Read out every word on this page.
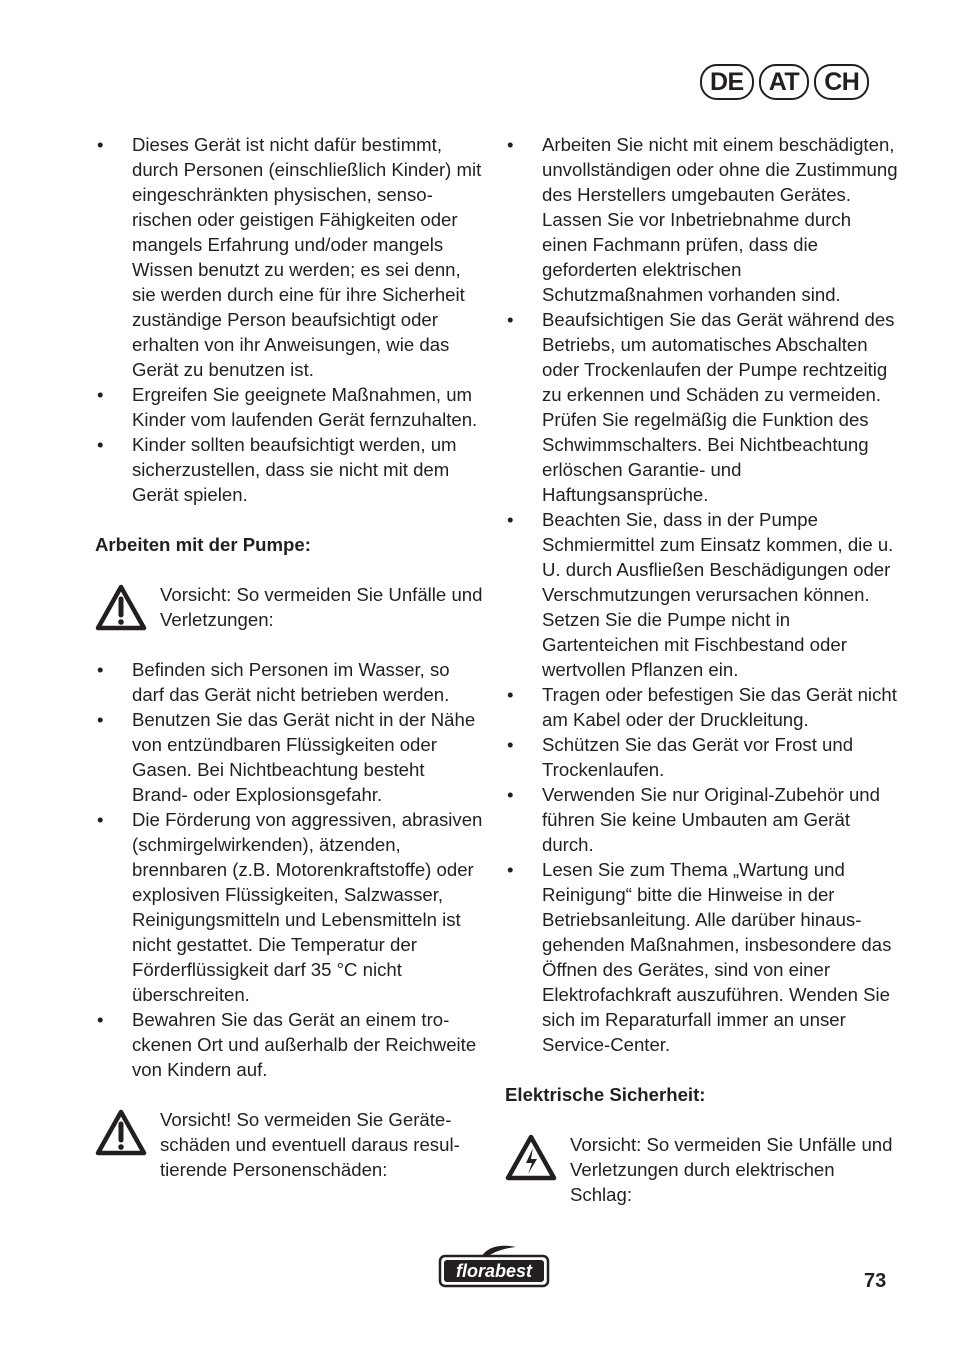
DE	AT	CH
• Dieses Gerät ist nicht dafür bestimmt, durch Personen (einschließlich Kinder) mit eingeschränkten physischen, sensorischen oder geistigen Fähigkeiten oder mangels Erfahrung und/oder mangels Wissen benutzt zu werden; es sei denn, sie werden durch eine für ihre Sicherheit zuständige Person beaufsichtigt oder erhalten von ihr Anweisungen, wie das Gerät zu benutzen ist.
• Ergreifen Sie geeignete Maßnahmen, um Kinder vom laufenden Gerät fernzuhalten.
• Kinder sollten beaufsichtigt werden, um sicherzustellen, dass sie nicht mit dem Gerät spielen.

Arbeiten mit der Pumpe:

Vorsicht: So vermeiden Sie Unfälle und Verletzungen:
• Befinden sich Personen im Wasser, so darf das Gerät nicht betrieben werden.
• Benutzen Sie das Gerät nicht in der Nähe von entzündbaren Flüssigkeiten oder Gasen. Bei Nichtbeachtung besteht Brand- oder Explosionsgefahr.
• Die Förderung von aggressiven, abrasiven (schmirgelwirkenden), ätzenden, brennbaren (z.B. Motorenkraftstoffe) oder explosiven Flüssigkeiten, Salzwasser, Reinigungsmitteln und Lebensmitteln ist nicht gestattet. Die Temperatur der Förderflüssigkeit darf 35 °C nicht überschreiten.
• Bewahren Sie das Gerät an einem trockenen Ort und außerhalb der Reichweite von Kindern auf.
Vorsicht! So vermeiden Sie Geräteschäden und eventuell daraus resultierende Personenschäden:
• Arbeiten Sie nicht mit einem beschädigten, unvollständigen oder ohne die Zustimmung des Herstellers umgebauten Gerätes. Lassen Sie vor Inbetriebnahme durch einen Fachmann prüfen, dass die geforderten elektrischen Schutzmaßnahmen vorhanden sind.
• Beaufsichtigen Sie das Gerät während des Betriebs, um automatisches Abschalten oder Trockenlaufen der Pumpe rechtzeitig zu erkennen und Schäden zu vermeiden. Prüfen Sie regelmäßig die Funktion des Schwimmschalters. Bei Nichtbeachtung erlöschen Garantie- und Haftungsansprüche.
• Beachten Sie, dass in der Pumpe Schmiermittel zum Einsatz kommen, die u. U. durch Ausfließen Beschädigungen oder Verschmutzungen verursachen können. Setzen Sie die Pumpe nicht in Gartenteichen mit Fischbestand oder wertvollen Pflanzen ein.
• Tragen oder befestigen Sie das Gerät nicht am Kabel oder der Druckleitung.
• Schützen Sie das Gerät vor Frost und Trockenlaufen.
• Verwenden Sie nur Original-Zubehör und führen Sie keine Umbauten am Gerät durch.
• Lesen Sie zum Thema „Wartung und Reinigung“ bitte die Hinweise in der Betriebsanleitung. Alle darüber hinausgehenden Maßnahmen, insbesondere das Öffnen des Gerätes, sind von einer Elektrofachkraft auszuführen. Wenden Sie sich im Reparaturfall immer an unser Service-Center.

Elektrische Sicherheit:

Vorsicht: So vermeiden Sie Unfälle und Verletzungen durch elektrischen Schlag:
florabest	73
